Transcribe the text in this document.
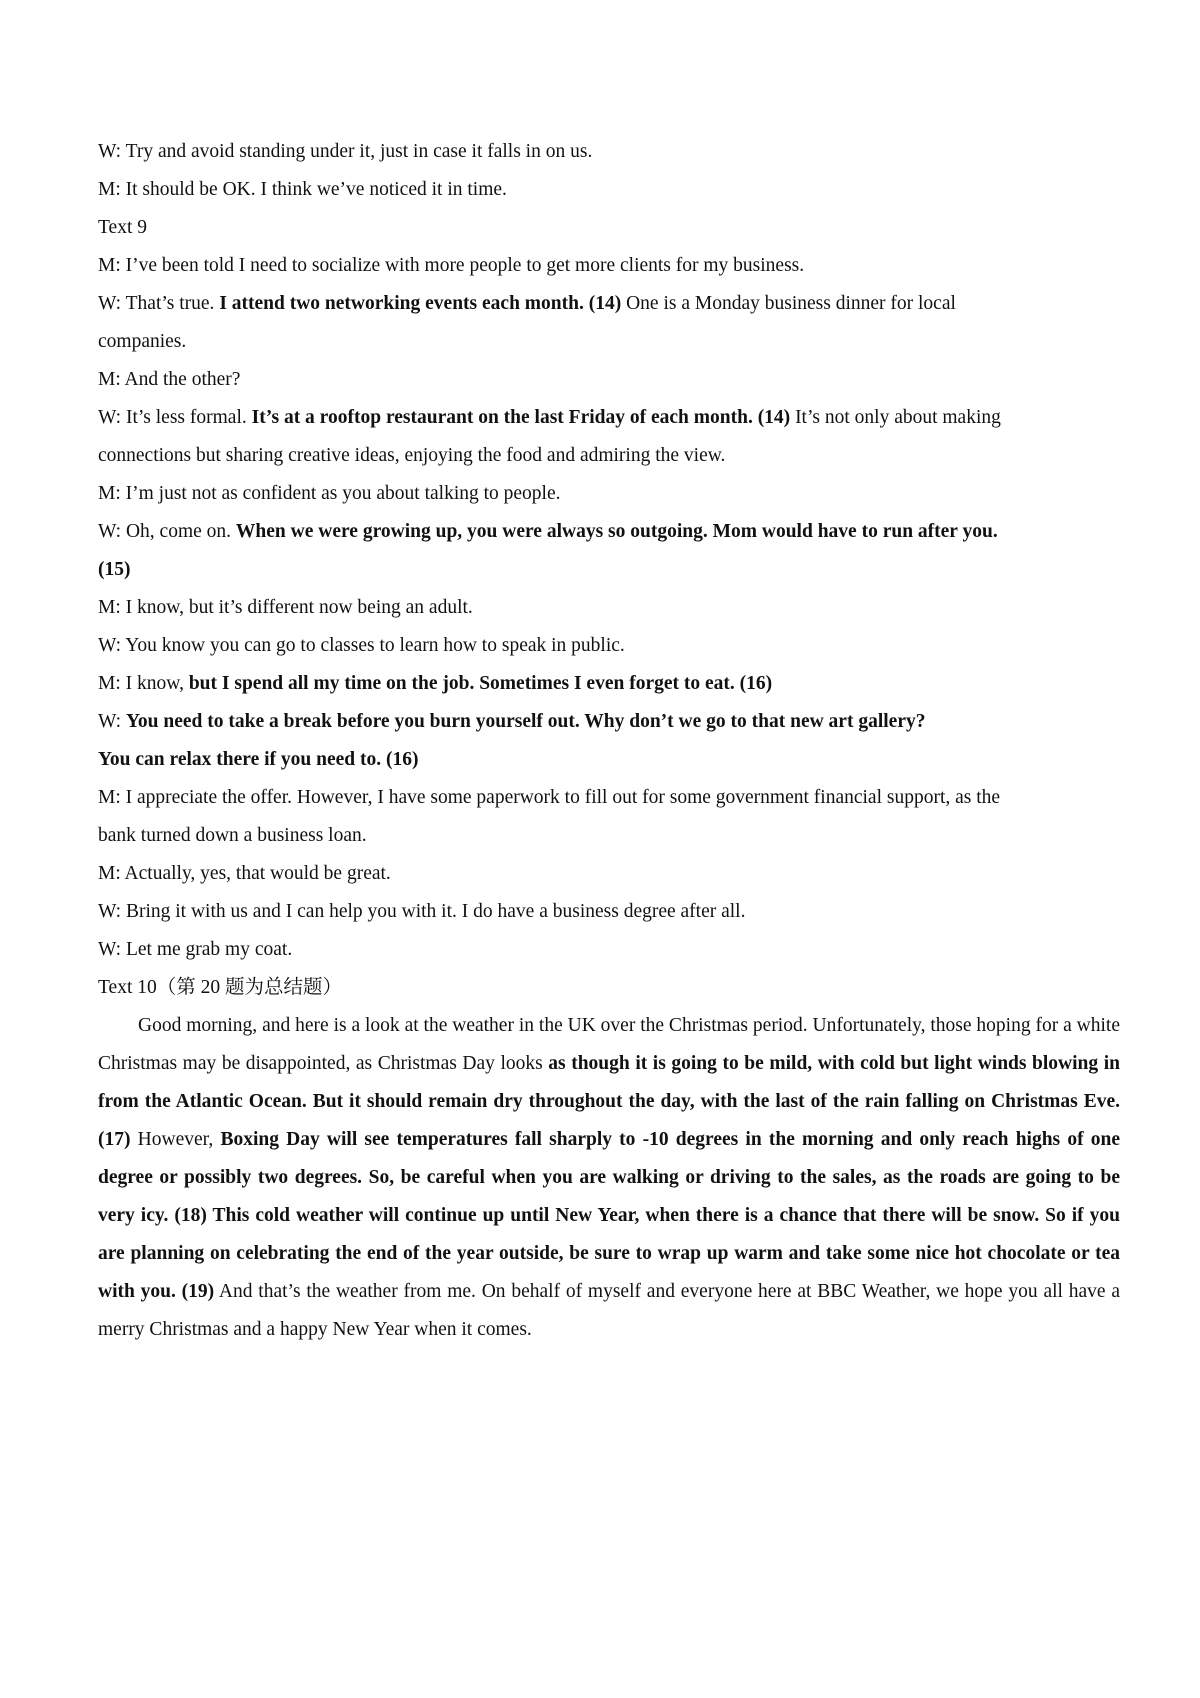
W: Try and avoid standing under it, just in case it falls in on us.
M: It should be OK. I think we’ve noticed it in time.
Text 9
M: I’ve been told I need to socialize with more people to get more clients for my business.
W: That’s true. I attend two networking events each month. (14) One is a Monday business dinner for local
companies.
M: And the other?
W: It’s less formal. It’s at a rooftop restaurant on the last Friday of each month. (14) It’s not only about making
connections but sharing creative ideas, enjoying the food and admiring the view.
M: I’m just not as confident as you about talking to people.
W: Oh, come on. When we were growing up, you were always so outgoing. Mom would have to run after you.
(15)
M: I know, but it’s different now being an adult.
W: You know you can go to classes to learn how to speak in public.
M: I know, but I spend all my time on the job. Sometimes I even forget to eat. (16)
W: You need to take a break before you burn yourself out. Why don’t we go to that new art gallery?
You can relax there if you need to. (16)
M: I appreciate the offer. However, I have some paperwork to fill out for some government financial support, as the
bank turned down a business loan.
M: Actually, yes, that would be great.
W: Bring it with us and I can help you with it. I do have a business degree after all.
W: Let me grab my coat.
Text 10（第 20 题为总结题）
Good morning, and here is a look at the weather in the UK over the Christmas period. Unfortunately, those hoping for a white Christmas may be disappointed, as Christmas Day looks as though it is going to be mild, with cold but light winds blowing in from the Atlantic Ocean. But it should remain dry throughout the day, with the last of the rain falling on Christmas Eve. (17) However, Boxing Day will see temperatures fall sharply to -10 degrees in the morning and only reach highs of one degree or possibly two degrees. So, be careful when you are walking or driving to the sales, as the roads are going to be very icy. (18) This cold weather will continue up until New Year, when there is a chance that there will be snow. So if you are planning on celebrating the end of the year outside, be sure to wrap up warm and take some nice hot chocolate or tea with you. (19) And that’s the weather from me. On behalf of myself and everyone here at BBC Weather, we hope you all have a merry Christmas and a happy New Year when it comes.
